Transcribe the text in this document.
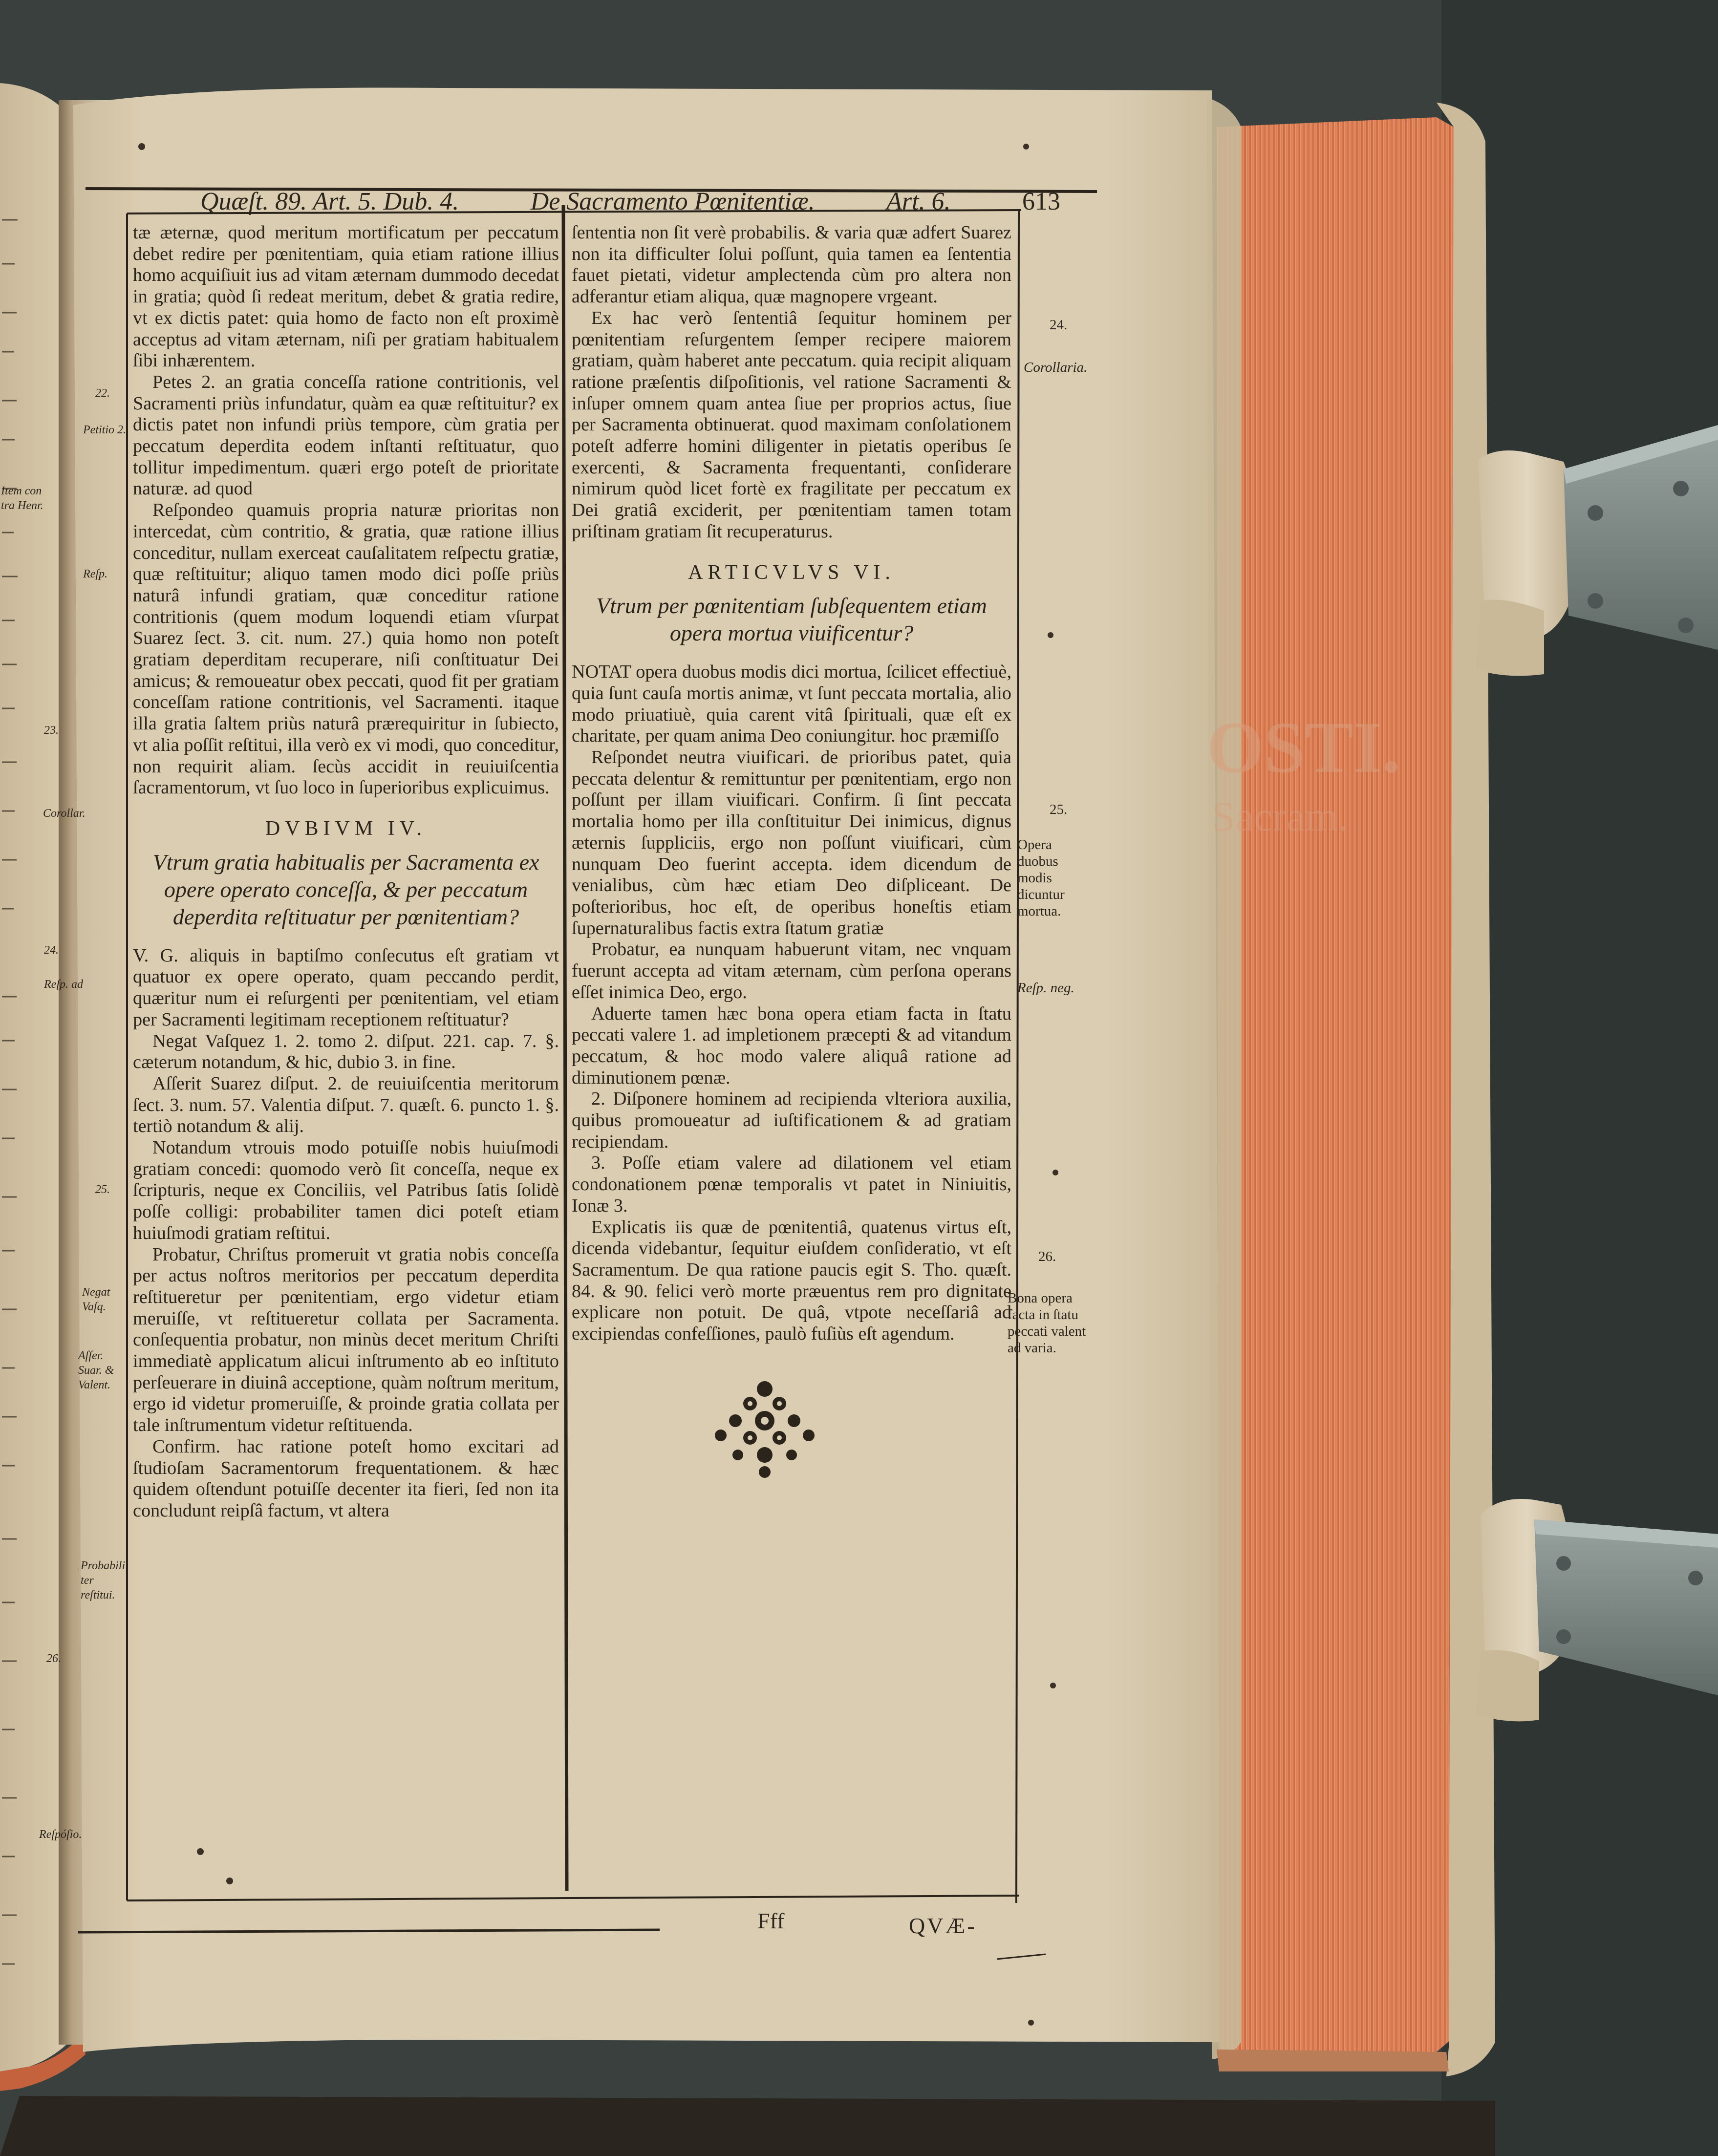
OSTI.
Sacram.
Quæſt. 89. Art. 5. Dub. 4.	De Sacramento Pœnitentiæ.	Art. 6.	613

tæ æternæ, quod meritum mortificatum per peccatum debet redire per pœnitentiam, quia etiam ratione illius homo acquiſiuit ius ad vitam æternam dummodo decedat in gratia; quòd ſi redeat meritum, debet & gratia redire, vt ex dictis patet: quia homo de facto non eſt proximè acceptus ad vitam æternam, niſi per gratiam habitualem ſibi inhærentem.

Petes 2. an gratia conceſſa ratione contritionis, vel Sacramenti priùs infundatur, quàm ea quæ reſtituitur? ex dictis patet non infundi priùs tempore, cùm gratia per peccatum deperdita eodem inſtanti reſtituatur, quo tollitur impedimentum. quæri ergo poteſt de prioritate naturæ. ad quod

Reſpondeo quamuis propria naturæ prioritas non intercedat, cùm contritio, & gratia, quæ ratione illius conceditur, nullam exerceat cauſalitatem reſpectu gratiæ, quæ reſtituitur; aliquo tamen modo dici poſſe priùs naturâ infundi gratiam, quæ conceditur ratione contritionis (quem modum loquendi etiam vſurpat Suarez ſect. 3. cit. num. 27.) quia homo non poteſt gratiam deperditam recuperare, niſi conſtituatur Dei amicus; & remoueatur obex peccati, quod fit per gratiam conceſſam ratione contritionis, vel Sacramenti. itaque illa gratia ſaltem priùs naturâ prærequiritur in ſubiecto, vt alia poſſit reſtitui, illa verò ex vi modi, quo conceditur, non requirit aliam. ſecùs accidit in reuiuiſcentia ſacramentorum, vt ſuo loco in ſuperioribus explicuimus.

DVBIVM IV.

Vtrum gratia habitualis per Sacramenta ex opere operato conceſſa, & per peccatum deperdita reſtituatur per pœnitentiam?

V. G. aliquis in baptiſmo conſecutus eſt gratiam vt quatuor ex opere operato, quam peccando perdit, quæritur num ei reſurgenti per pœnitentiam, vel etiam per Sacramenti legitimam receptionem reſtituatur?

Negat Vaſquez 1. 2. tomo 2. diſput. 221. cap. 7. §. cæterum notandum, & hic, dubio 3. in fine.

Aſſerit Suarez diſput. 2. de reuiuiſcentia meritorum ſect. 3. num. 57. Valentia diſput. 7. quæſt. 6. puncto 1. §. tertiò notandum & alij.

Notandum vtrouis modo potuiſſe nobis huiuſmodi gratiam concedi: quomodo verò ſit conceſſa, neque ex ſcripturis, neque ex Conciliis, vel Patribus ſatis ſolidè poſſe colligi: probabiliter tamen dici poteſt etiam huiuſmodi gratiam reſtitui.

Probatur, Chriſtus promeruit vt gratia nobis conceſſa per actus noſtros meritorios per peccatum deperdita reſtitueretur per pœnitentiam, ergo videtur etiam meruiſſe, vt reſtitueretur collata per Sacramenta. conſequentia probatur, non minùs decet meritum Chriſti immediatè applicatum alicui inſtrumento ab eo inſtituto perſeuerare in diuinâ acceptione, quàm noſtrum meritum, ergo id videtur promeruiſſe, & proinde gratia collata per tale inſtrumentum videtur reſtituenda.

Confirm. hac ratione poteſt homo excitari ad ſtudioſam Sacramentorum frequentationem. & hæc quidem oſtendunt potuiſſe decenter ita fieri, ſed non ita concludunt reipſâ factum, vt altera

ſententia non ſit verè probabilis. & varia quæ adfert Suarez non ita difficulter ſolui poſſunt, quia tamen ea ſententia fauet pietati, videtur amplectenda cùm pro altera non adferantur etiam aliqua, quæ magnopere vrgeant.

Ex hac verò ſententiâ ſequitur hominem per pœnitentiam reſurgentem ſemper recipere maiorem gratiam, quàm haberet ante peccatum. quia recipit aliquam ratione præſentis diſpoſitionis, vel ratione Sacramenti & inſuper omnem quam antea ſiue per proprios actus, ſiue per Sacramenta obtinuerat. quod maximam conſolationem poteſt adferre homini diligenter in pietatis operibus ſe exercenti, & Sacramenta frequentanti, conſiderare nimirum quòd licet fortè ex fragilitate per peccatum ex Dei gratiâ exciderit, per pœnitentiam tamen totam priſtinam gratiam ſit recuperaturus.

ARTICVLVS VI.

Vtrum per pœnitentiam ſubſequentem etiam opera mortua viuificentur?

NOTAT opera duobus modis dici mortua, ſcilicet effectiuè, quia ſunt cauſa mortis animæ, vt ſunt peccata mortalia, alio modo priuatiuè, quia carent vitâ ſpirituali, quæ eſt ex charitate, per quam anima Deo coniungitur. hoc præmiſſo

Reſpondet neutra viuificari. de prioribus patet, quia peccata delentur & remittuntur per pœnitentiam, ergo non poſſunt per illam viuificari. Confirm. ſi ſint peccata mortalia homo per illa conſtituitur Dei inimicus, dignus æternis ſuppliciis, ergo non poſſunt viuificari, cùm nunquam Deo fuerint accepta. idem dicendum de venialibus, cùm hæc etiam Deo diſpliceant. De poſterioribus, hoc eſt, de operibus honeſtis etiam ſupernaturalibus factis extra ſtatum gratiæ

Probatur, ea nunquam habuerunt vitam, nec vnquam fuerunt accepta ad vitam æternam, cùm perſona operans eſſet inimica Deo, ergo.

Aduerte tamen hæc bona opera etiam facta in ſtatu peccati valere 1. ad impletionem præcepti & ad vitandum peccatum, & hoc modo valere aliquâ ratione ad diminutionem pœnæ.

2. Diſponere hominem ad recipienda vlteriora auxilia, quibus promoueatur ad iuſtificationem & ad gratiam recipiendam.

3. Poſſe etiam valere ad dilationem vel etiam condonationem pœnæ temporalis vt patet in Niniuitis, Ionæ 3.

Explicatis iis quæ de pœnitentiâ, quatenus virtus eſt, dicenda videbantur, ſequitur eiuſdem conſideratio, vt eſt Sacramentum. De qua ratione paucis egit S. Tho. quæſt. 84. & 90. felici verò morte præuentus rem pro dignitate explicare non potuit. De quâ, vtpote neceſſariâ ad excipiendas confeſſiones, paulò fuſiùs eſt agendum.

22.
Petitio 2.
Item con tra Henr.
Reſp.
23.
Corollar.
24.
Reſp. ad
25.
Negat Vaſq.
Aſſer. Suar. & Valent.
Probabili ter reſtitui.
26.
Reſpóſio.
24.
Corollaria.
25.
Opera duobus modis dicuntur mortua.
Reſp. neg.
26.
Bona opera facta in ſtatu peccati valent ad varia.
Fff	QVÆ-
